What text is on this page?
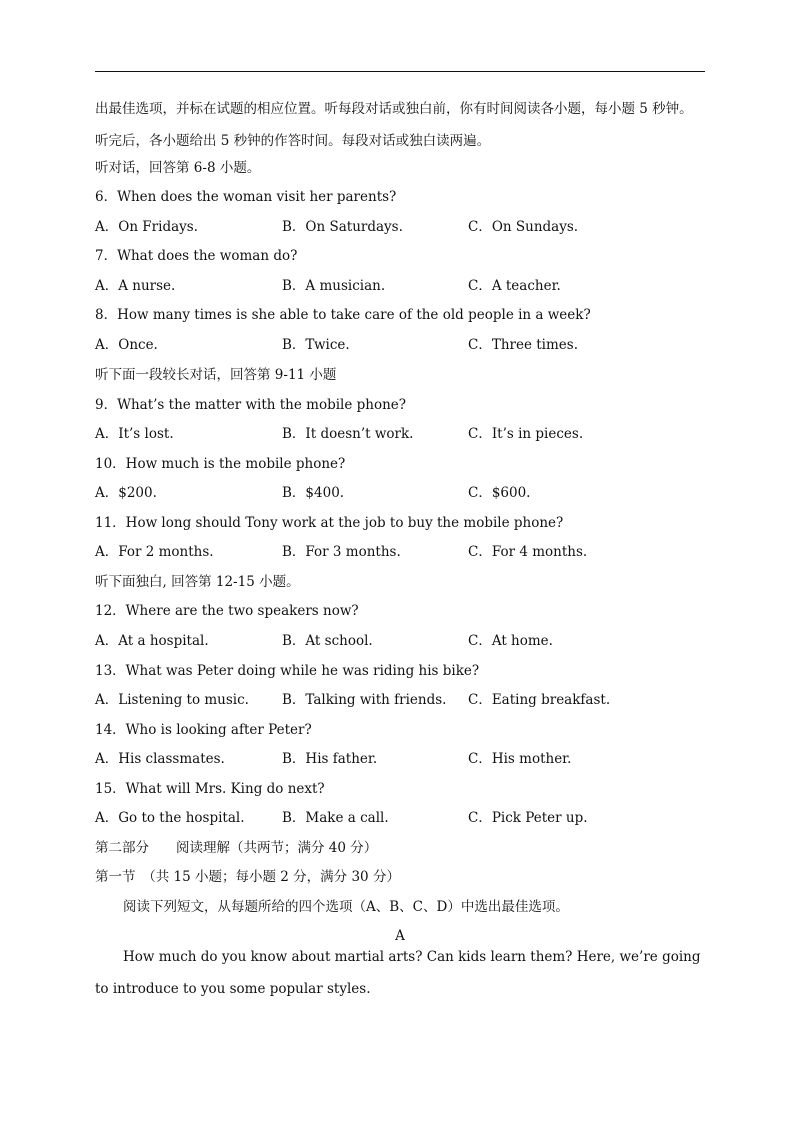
出最佳选项，并标在试题的相应位置。听每段对话或独白前，你有时间阅读各小题，每小题 5 秒钟。听完后，各小题给出 5 秒钟的作答时间。每段对话或独白读两遍。
听对话，回答第 6-8 小题。
6．When does the woman visit her parents?
A．On Fridays.	B．On Saturdays.	C．On Sundays.
7．What does the woman do?
A．A nurse.	B．A musician.	C．A teacher.
8．How many times is she able to take care of the old people in a week?
A．Once.	B．Twice.	C．Three times.
听下面一段较长对话，回答第 9-11 小题
9．What’s the matter with the mobile phone?
A．It’s lost.	B．It doesn’t work.	C．It’s in pieces.
10．How much is the mobile phone?
A．$200.	B．$400.	C．$600.
11．How long should Tony work at the job to buy the mobile phone?
A．For 2 months.	B．For 3 months.	C．For 4 months.
听下面独白, 回答第 12-15 小题。
12．Where are the two speakers now?
A．At a hospital.	B．At school.	C．At home.
13．What was Peter doing while he was riding his bike?
A．Listening to music. B．Talking with friends. C．Eating breakfast.
14．Who is looking after Peter?
A．His classmates.	B．His father.	C．His mother.
15．What will Mrs. King do next?
A．Go to the hospital.	B．Make a call.	C．Pick Peter up.
第二部分　　阅读理解（共两节；满分 40 分）
第一节　（共 15 小题；每小题 2 分，满分 30 分）
阅读下列短文，从每题所给的四个选项（A、B、C、D）中选出最佳选项。
A
How much do you know about martial arts? Can kids learn them? Here, we’re going to introduce to you some popular styles.
